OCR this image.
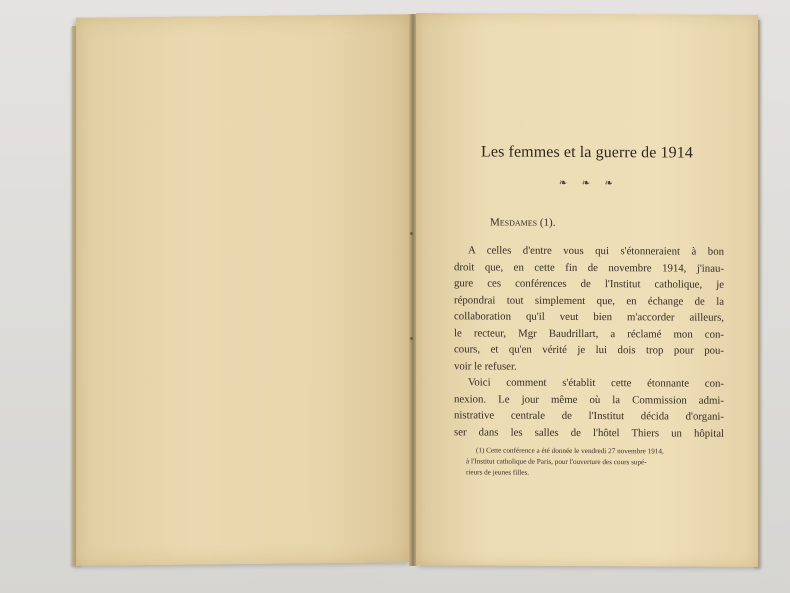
Les femmes et la guerre de 1914
❧ ❧ ❧
Mesdames (1).
A celles d'entre vous qui s'étonneraient à bon
droit que, en cette fin de novembre 1914, j'inau-
gure ces conférences de l'Institut catholique, je
répondrai tout simplement que, en échange de la
collaboration qu'il veut bien m'accorder ailleurs,
le recteur, Mgr Baudrillart, a réclamé mon con-
cours, et qu'en vérité je lui dois trop pour pou-
voir le refuser.
Voici comment s'établit cette étonnante con-
nexion. Le jour même où la Commission admi-
nistrative centrale de l'Institut décida d'organi-
ser dans les salles de l'hôtel Thiers un hôpital
(1) Cette conférence a été donnée le vendredi 27 novembre 1914,
à l'Institut catholique de Paris, pour l'ouverture des cours supé-
rieurs de jeunes filles.
